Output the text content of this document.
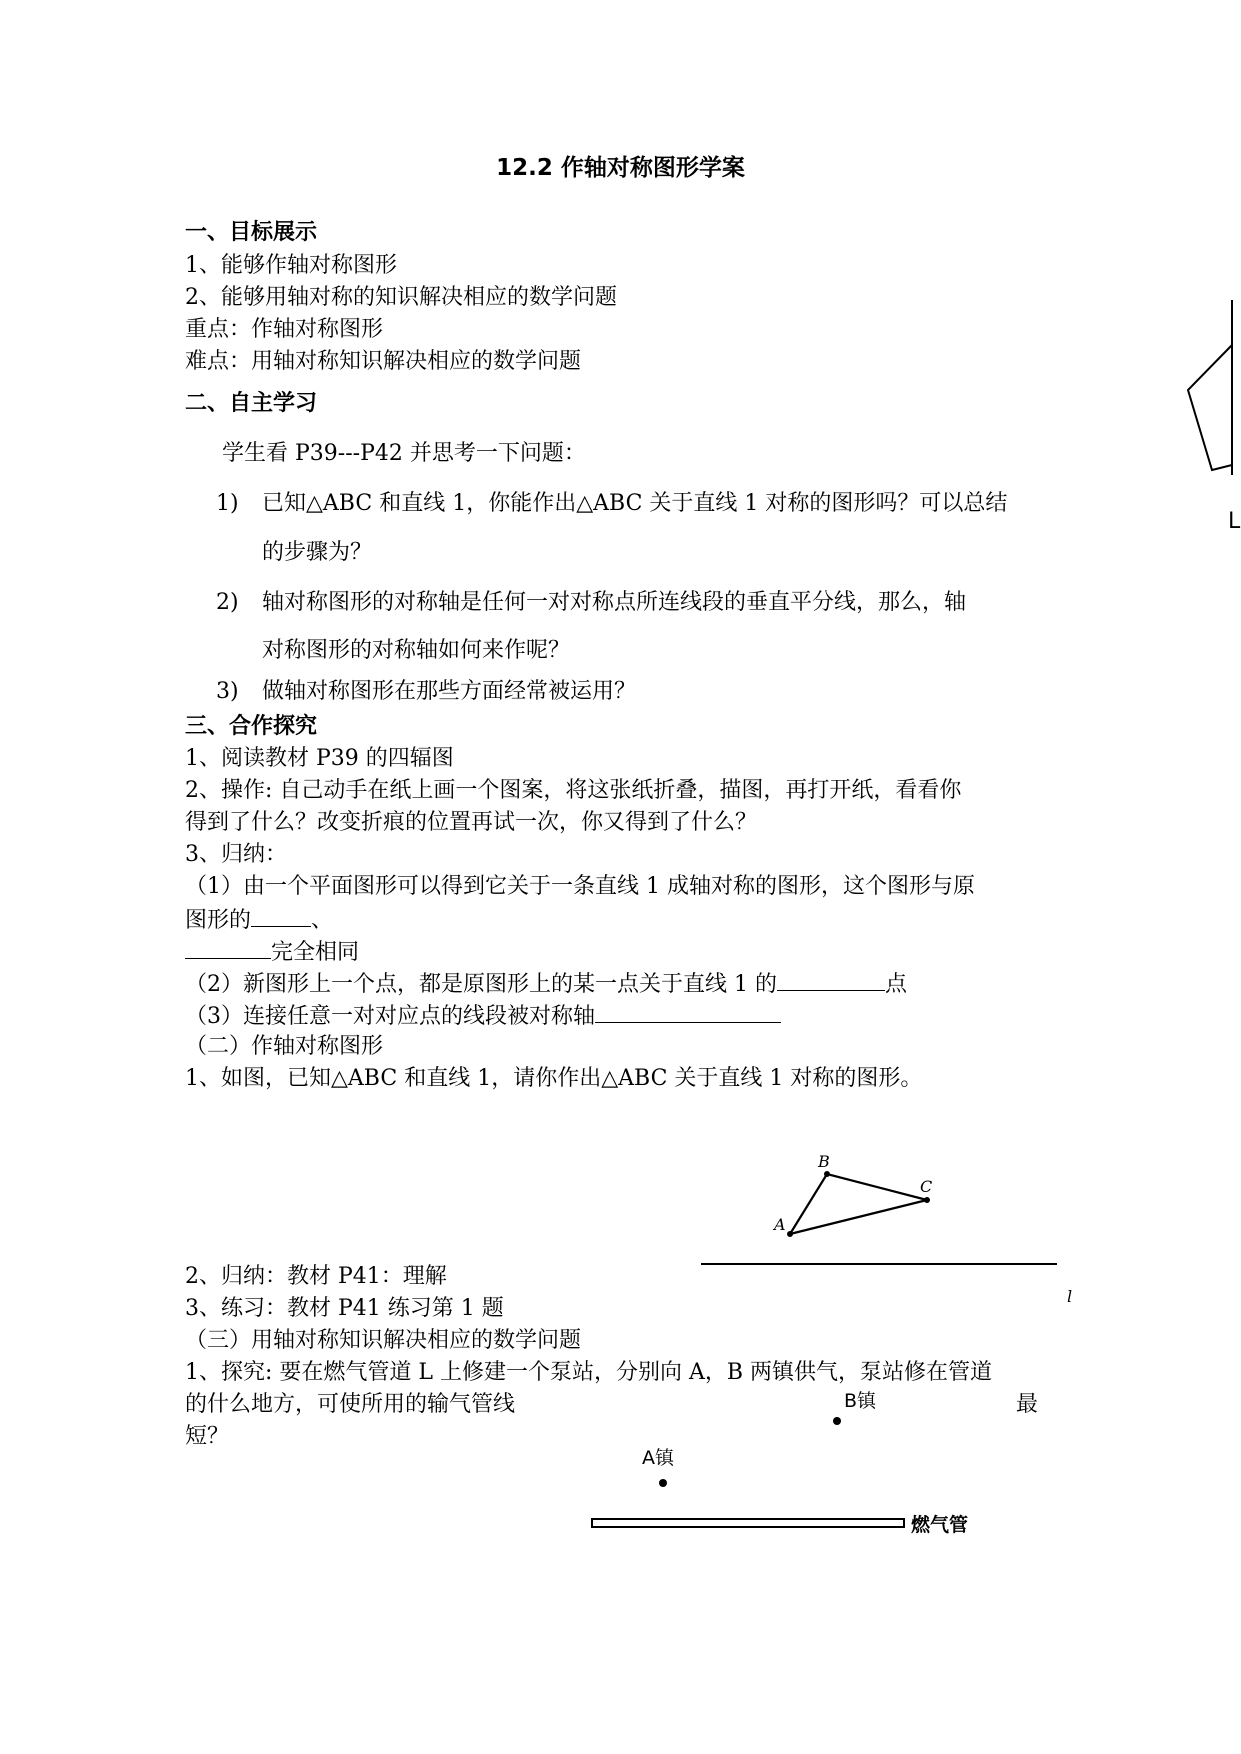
12.2 作轴对称图形学案
一、目标展示
1、能够作轴对称图形
2、能够用轴对称的知识解决相应的数学问题
重点：作轴对称图形
难点：用轴对称知识解决相应的数学问题
二、自主学习
学生看 P39---P42 并思考一下问题：
1) 已知△ABC 和直线 1，你能作出△ABC 关于直线 1 对称的图形吗？可以总结
的步骤为？
2) 轴对称图形的对称轴是任何一对对称点所连线段的垂直平分线，那么，轴
对称图形的对称轴如何来作呢？
3) 做轴对称图形在那些方面经常被运用？
三、合作探究
1、阅读教材 P39 的四辐图
2、操作: 自己动手在纸上画一个图案，将这张纸折叠，描图，再打开纸，看看你
得到了什么？改变折痕的位置再试一次，你又得到了什么？
3、归纳：
（1）由一个平面图形可以得到它关于一条直线 1 成轴对称的图形，这个图形与原
图形的	、
完全相同
（2）新图形上一个点，都是原图形上的某一点关于直线 1 的	点
（3）连接任意一对对应点的线段被对称轴
（二）作轴对称图形
1、如图，已知△ABC 和直线 1，请你作出△ABC 关于直线 1 对称的图形。
2、归纳：教材 P41：理解
3、练习：教材 P41 练习第 1 题
（三）用轴对称知识解决相应的数学问题
1、探究: 要在燃气管道 L 上修建一个泵站，分别向 A，B 两镇供气，泵站修在管道
的什么地方，可使所用的输气管线	最
短？
L
A
B
C
l
B镇
A镇
燃气管
